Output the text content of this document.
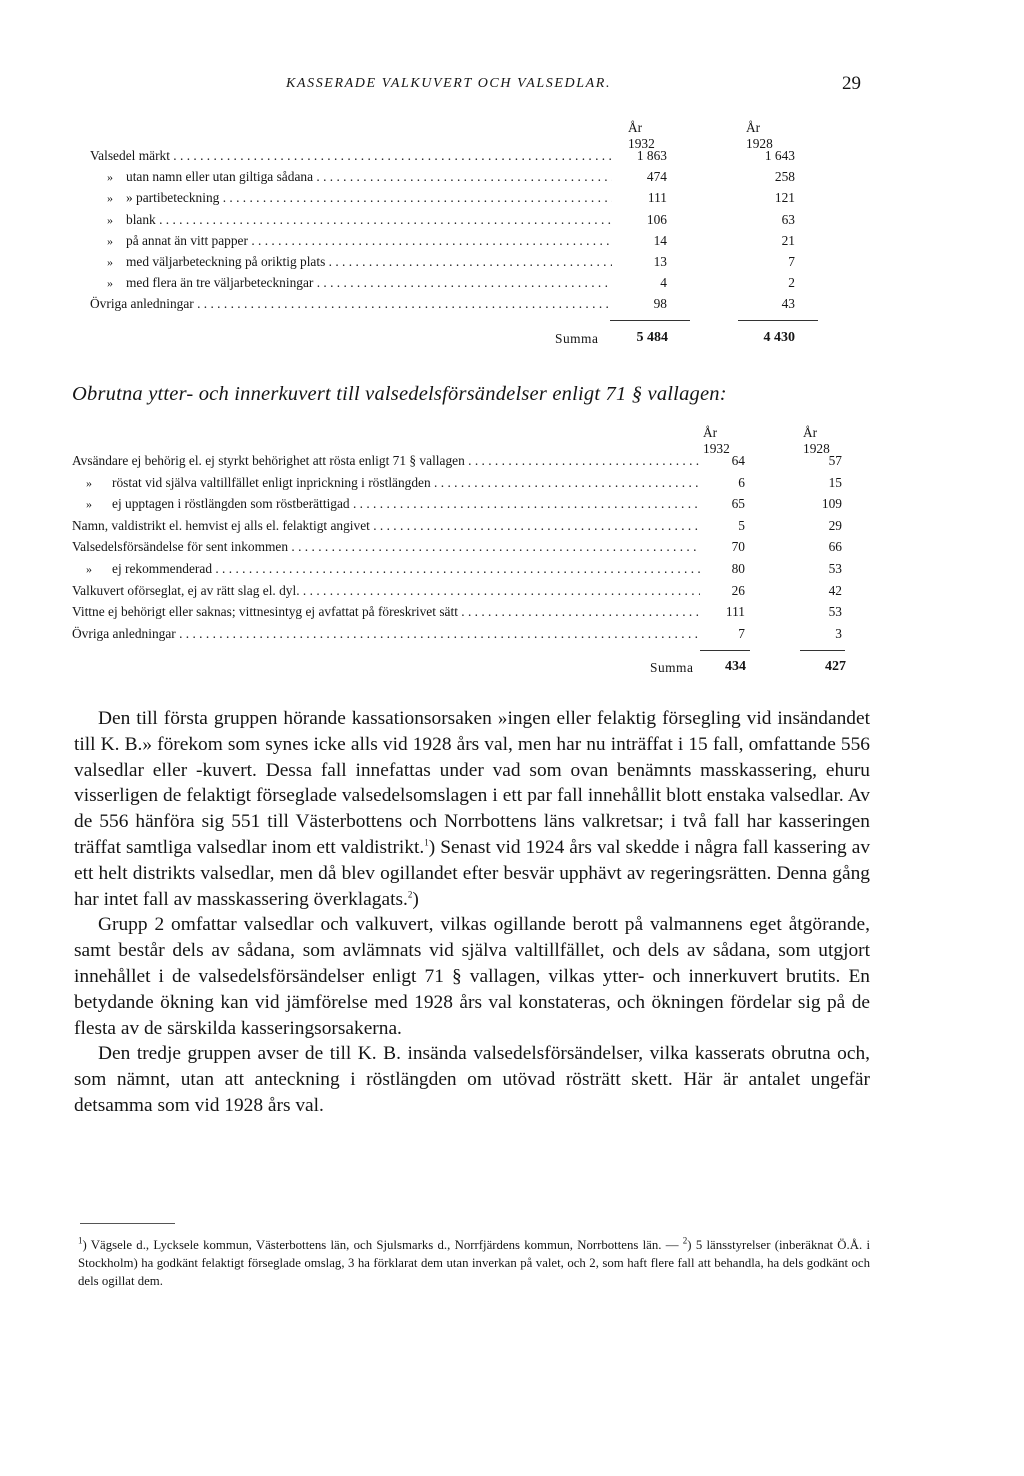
KASSERADE VALKUVERT OCH VALSEDLAR.	29
År 1932
År 1928
Valsedel märkt . . .	1 863	1 643
» utan namn eller utan giltiga sådana . . .	474	258
» » partibeteckning . . .	111	121
» blank . . .	106	63
» på annat än vitt papper . . .	14	21
» med väljarbeteckning på oriktig plats . . .	13	7
» med flera än tre väljarbeteckningar . . .	4	2
Övriga anledningar . . .	98	43
Summa	5 484	4 430
Obrutna ytter- och innerkuvert till valsedelsförsändelser enligt 71 § vallagen:
År 1932
År 1928
Avsändare ej behörig el. ej styrkt behörighet att rösta enligt 71 § vallagen . . .	64	57
» röstat vid själva valtillfället enligt inprickning i röstlängden . . .	6	15
» ej upptagen i röstlängden som röstberättigad . . .	65	109
Namn, valdistrikt el. hemvist ej alls el. felaktigt angivet . . .	5	29
Valsedelsförsändelse för sent inkommen . . .	70	66
» ej rekommenderad . . .	80	53
Valkuvert oförseglat, ej av rätt slag el. dyl. . . .	26	42
Vittne ej behörigt eller saknas; vittnesintyg ej avfattat på föreskrivet sätt . . .	111	53
Övriga anledningar . . .	7	3
Summa	434	427

Den till första gruppen hörande kassationsorsaken »ingen eller felaktig försegling vid insändandet till K. B.» förekom som synes icke alls vid 1928 års val, men har nu inträffat i 15 fall, omfattande 556 valsedlar eller -kuvert. Dessa fall innefattas under vad som ovan benämnts masskassering, ehuru visserligen de felaktigt förseglade valsedelsomslagen i ett par fall innehållit blott enstaka valsedlar. Av de 556 hänföra sig 551 till Västerbottens och Norrbottens läns valkretsar; i två fall har kasseringen träffat samtliga valsedlar inom ett valdistrikt.$^1$) Senast vid 1924 års val skedde i några fall kassering av ett helt distrikts valsedlar, men då blev ogillandet efter besvär upphävt av regeringsrätten. Denna gång har intet fall av masskassering överklagats.$^2$)

Grupp 2 omfattar valsedlar och valkuvert, vilkas ogillande berott på valmannens eget åtgörande, samt består dels av sådana, som avlämnats vid själva valtillfället, och dels av sådana, som utgjort innehållet i de valsedelsförsändelser enligt 71 § vallagen, vilkas ytter- och innerkuvert brutits. En betydande ökning kan vid jämförelse med 1928 års val konstateras, och ökningen fördelar sig på de flesta av de särskilda kasseringsorsakerna.

Den tredje gruppen avser de till K. B. insända valsedelsförsändelser, vilka kasserats obrutna och, som nämnt, utan att anteckning i röstlängden om utövad rösträtt skett. Här är antalet ungefär detsamma som vid 1928 års val.

$^1$) Vägsele d., Lycksele kommun, Västerbottens län, och Sjulsmarks d., Norrfjärdens kommun, Norrbottens län. — $^2$) 5 länsstyrelser (inberäknat Ö.Å. i Stockholm) ha godkänt felaktigt förseglade omslag, 3 ha förklarat dem utan inverkan på valet, och 2, som haft flere fall att behandla, ha dels godkänt och dels ogillat dem.
